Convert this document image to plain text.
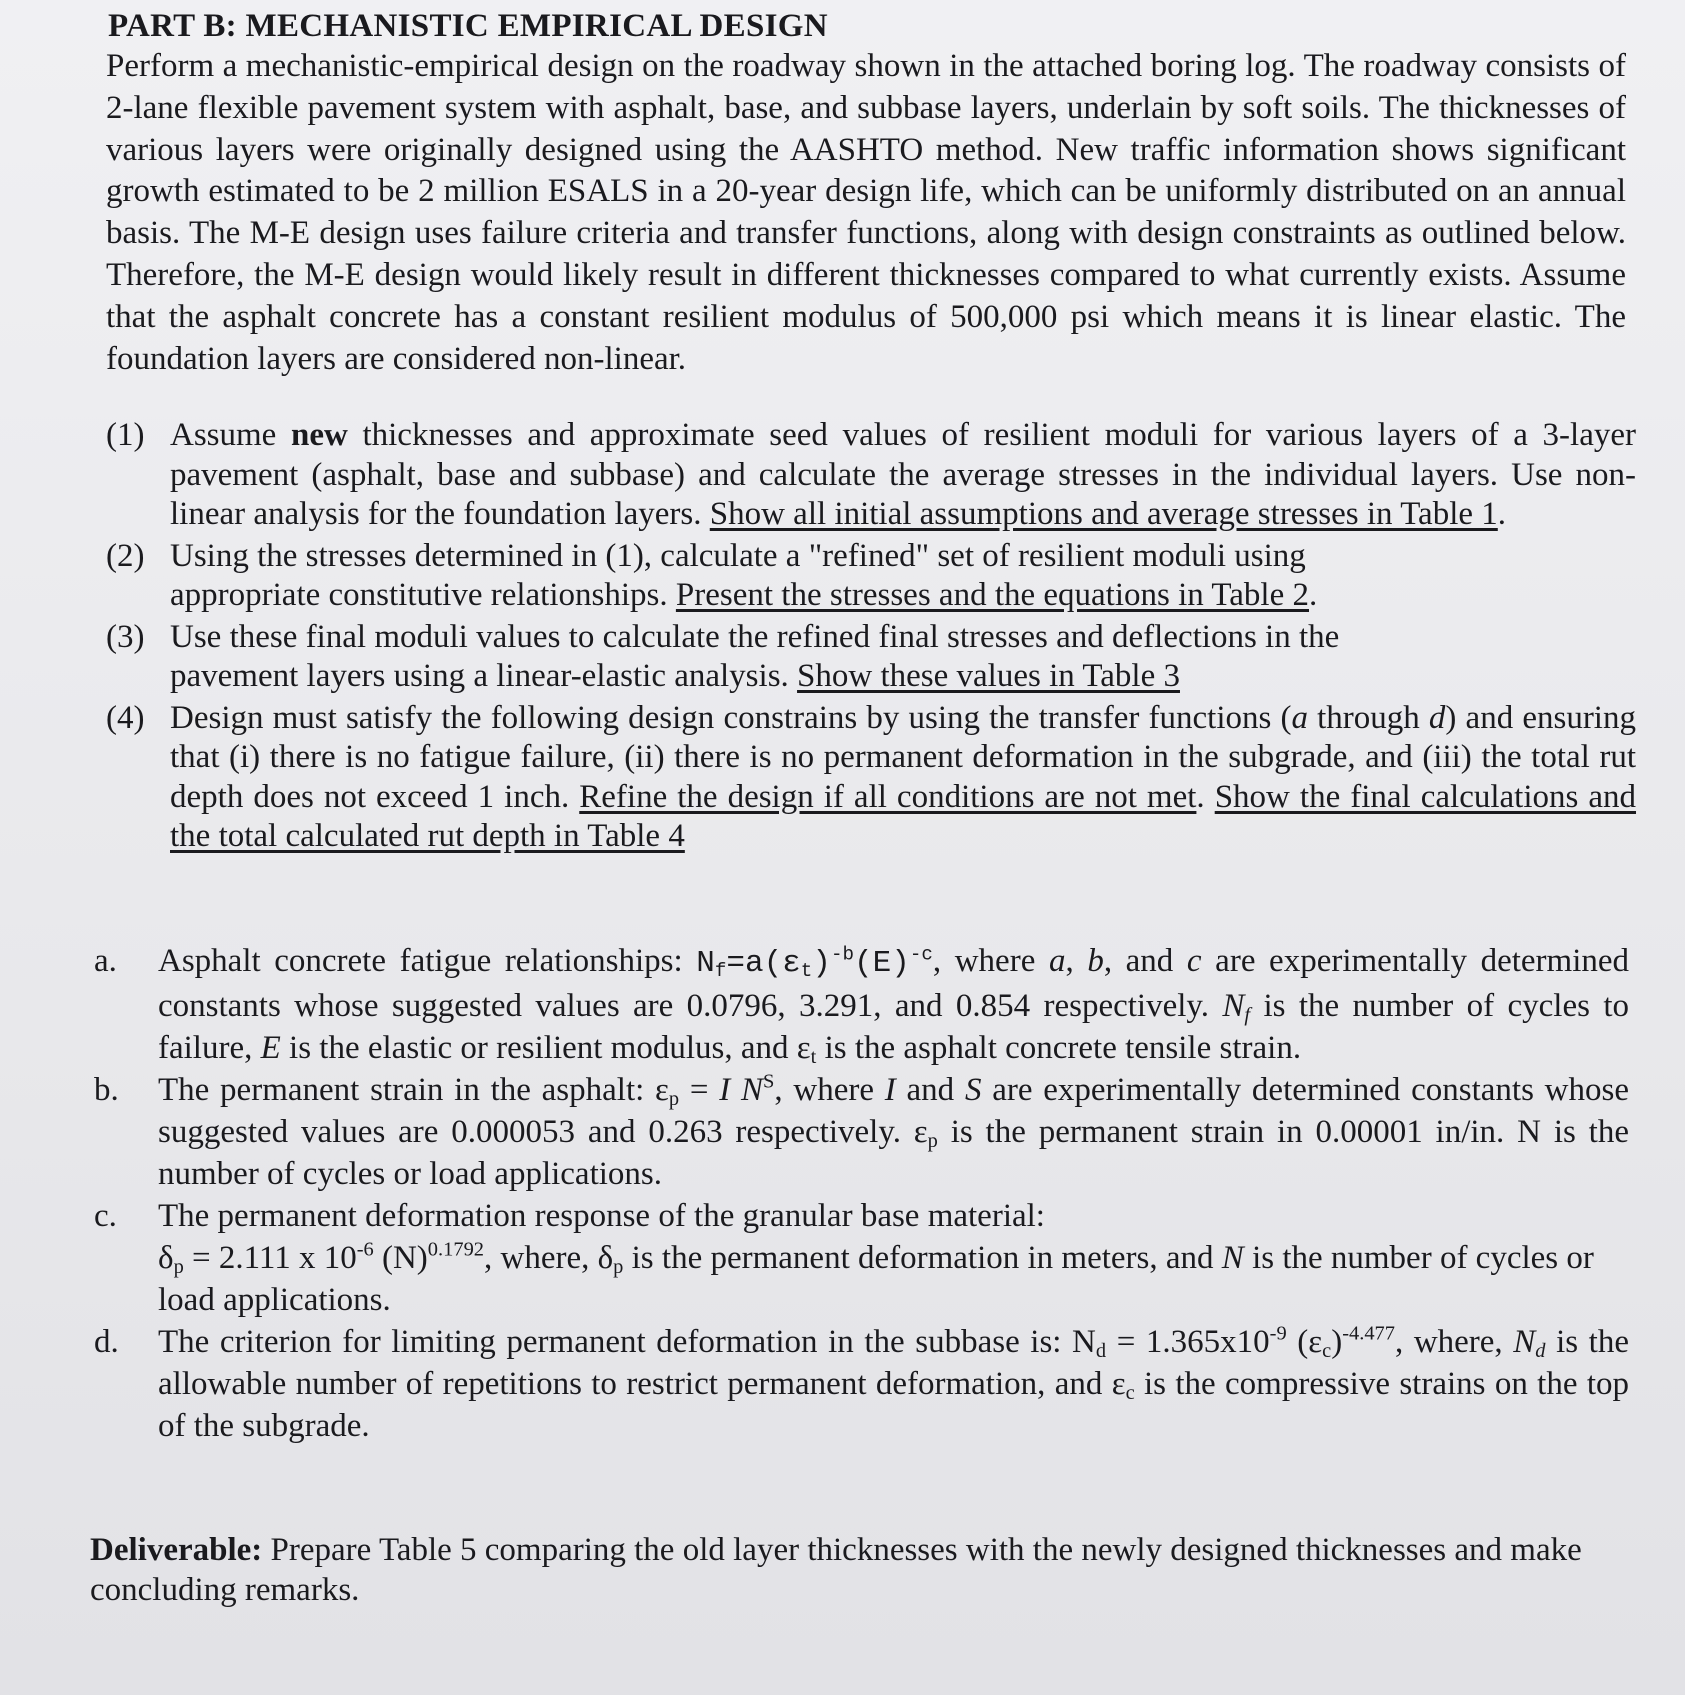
PART B: MECHANISTIC EMPIRICAL DESIGN

Perform a mechanistic-empirical design on the roadway shown in the attached boring log. The roadway consists of 2-lane flexible pavement system with asphalt, base, and subbase layers, underlain by soft soils. The thicknesses of various layers were originally designed using the AASHTO method. New traffic information shows significant growth estimated to be 2 million ESALS in a 20-year design life, which can be uniformly distributed on an annual basis. The M-E design uses failure criteria and transfer functions, along with design constraints as outlined below. Therefore, the M-E design would likely result in different thicknesses compared to what currently exists. Assume that the asphalt concrete has a constant resilient modulus of 500,000 psi which means it is linear elastic. The foundation layers are considered non-linear.

(1) Assume new thicknesses and approximate seed values of resilient moduli for various layers of a 3-layer pavement (asphalt, base and subbase) and calculate the average stresses in the individual layers. Use non-linear analysis for the foundation layers. Show all initial assumptions and average stresses in Table 1.
(2) Using the stresses determined in (1), calculate a "refined" set of resilient moduli using appropriate constitutive relationships. Present the stresses and the equations in Table 2.
(3) Use these final moduli values to calculate the refined final stresses and deflections in the pavement layers using a linear-elastic analysis. Show these values in Table 3
(4) Design must satisfy the following design constrains by using the transfer functions (a through d) and ensuring that (i) there is no fatigue failure, (ii) there is no permanent deformation in the subgrade, and (iii) the total rut depth does not exceed 1 inch. Refine the design if all conditions are not met. Show the final calculations and the total calculated rut depth in Table 4
a.	Asphalt concrete fatigue relationships: $N_f=a(\varepsilon_t)^{-b}(E)^{-c}$, where a, b, and c are experimentally determined constants whose suggested values are 0.0796, 3.291, and 0.854 respectively. $N_f$ is the number of cycles to failure, E is the elastic or resilient modulus, and $\varepsilon_t$ is the asphalt concrete tensile strain.
b.	The permanent strain in the asphalt: $\varepsilon_p = I$ $N^S$, where I and S are experimentally determined constants whose suggested values are 0.000053 and 0.263 respectively. $\varepsilon_p$ is the permanent strain in 0.00001 in/in. N is the number of cycles or load applications.
c.	The permanent deformation response of the granular base material:
$\delta_p = 2.111$ x $10^{-6}$ $(N)^{0.1792}$, where, $\delta_p$ is the permanent deformation in meters, and N is the number of cycles or load applications.
d.	The criterion for limiting permanent deformation in the subbase is: $N_d = 1.365x10^{-9}$ $(\varepsilon_c)^{-4.477}$, where, $N_d$ is the allowable number of repetitions to restrict permanent deformation, and $\varepsilon_c$ is the compressive strains on the top of the subgrade.
Deliverable: Prepare Table 5 comparing the old layer thicknesses with the newly designed thicknesses and make concluding remarks.
